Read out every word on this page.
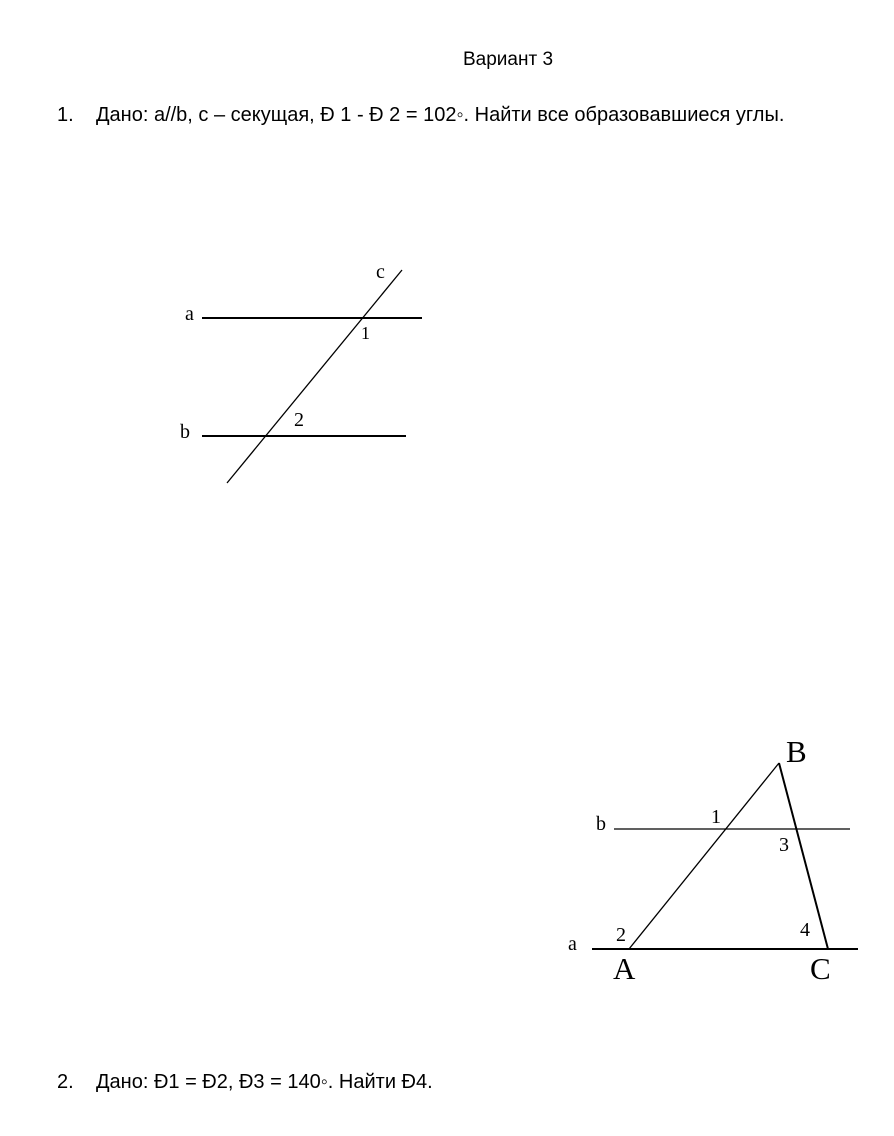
Вариант 3
1. Дано: a//b, c – секущая, Ð 1 - Ð 2 = 102◦. Найти все образовавшиеся углы.
a
b
c
1
2
B
A	C
b
a
1
3
2	4
2. Дано: Ð1 = Ð2, Ð3 = 140◦. Найти Ð4.
